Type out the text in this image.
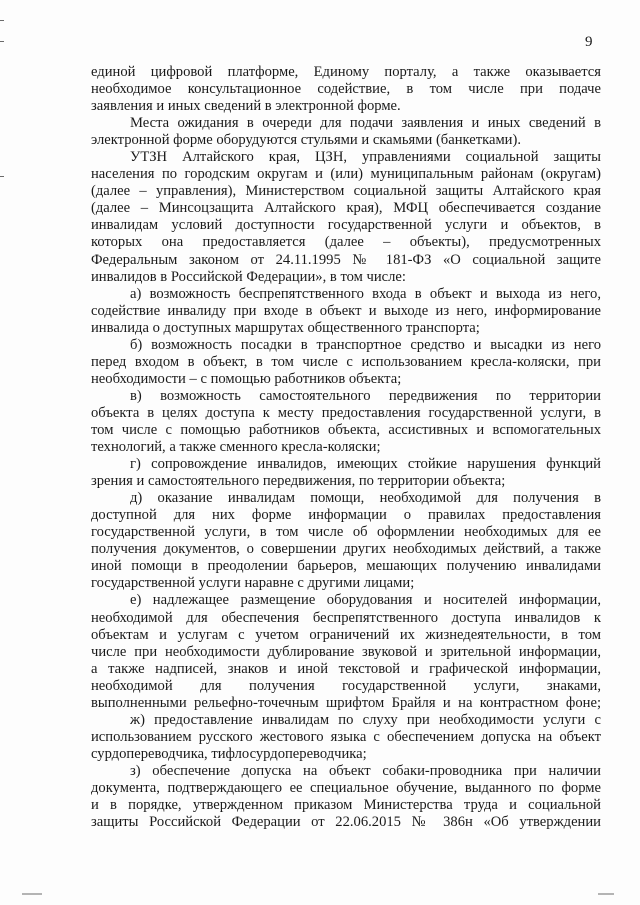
9
единой цифровой платформе, Единому порталу, а также оказывается
необходимое консультационное содействие, в том числе при подаче
заявления и иных сведений в электронной форме.
Места ожидания в очереди для подачи заявления и иных сведений в
электронной форме оборудуются стульями и скамьями (банкетками).
УТЗН Алтайского края, ЦЗН, управлениями социальной защиты
населения по городским округам и (или) муниципальным районам (округам)
(далее – управления), Министерством социальной защиты Алтайского края
(далее – Минсоцзащита Алтайского края), МФЦ обеспечивается создание
инвалидам условий доступности государственной услуги и объектов, в
которых она предоставляется (далее – объекты), предусмотренных
Федеральным законом от 24.11.1995 № 181-ФЗ «О социальной защите
инвалидов в Российской Федерации», в том числе:
а) возможность беспрепятственного входа в объект и выхода из него,
содействие инвалиду при входе в объект и выходе из него, информирование
инвалида о доступных маршрутах общественного транспорта;
б) возможность посадки в транспортное средство и высадки из него
перед входом в объект, в том числе с использованием кресла-коляски, при
необходимости – с помощью работников объекта;
в) возможность самостоятельного передвижения по территории
объекта в целях доступа к месту предоставления государственной услуги, в
том числе с помощью работников объекта, ассистивных и вспомогательных
технологий, а также сменного кресла-коляски;
г) сопровождение инвалидов, имеющих стойкие нарушения функций
зрения и самостоятельного передвижения, по территории объекта;
д) оказание инвалидам помощи, необходимой для получения в
доступной для них форме информации о правилах предоставления
государственной услуги, в том числе об оформлении необходимых для ее
получения документов, о совершении других необходимых действий, а также
иной помощи в преодолении барьеров, мешающих получению инвалидами
государственной услуги наравне с другими лицами;
е) надлежащее размещение оборудования и носителей информации,
необходимой для обеспечения беспрепятственного доступа инвалидов к
объектам и услугам с учетом ограничений их жизнедеятельности, в том
числе при необходимости дублирование звуковой и зрительной информации,
а также надписей, знаков и иной текстовой и графической информации,
необходимой для получения государственной услуги, знаками,
выполненными рельефно-точечным шрифтом Брайля и на контрастном фоне;
ж) предоставление инвалидам по слуху при необходимости услуги с
использованием русского жестового языка с обеспечением допуска на объект
сурдопереводчика, тифлосурдопереводчика;
з) обеспечение допуска на объект собаки-проводника при наличии
документа, подтверждающего ее специальное обучение, выданного по форме
и в порядке, утвержденном приказом Министерства труда и социальной
защиты Российской Федерации от 22.06.2015 № 386н «Об утверждении
